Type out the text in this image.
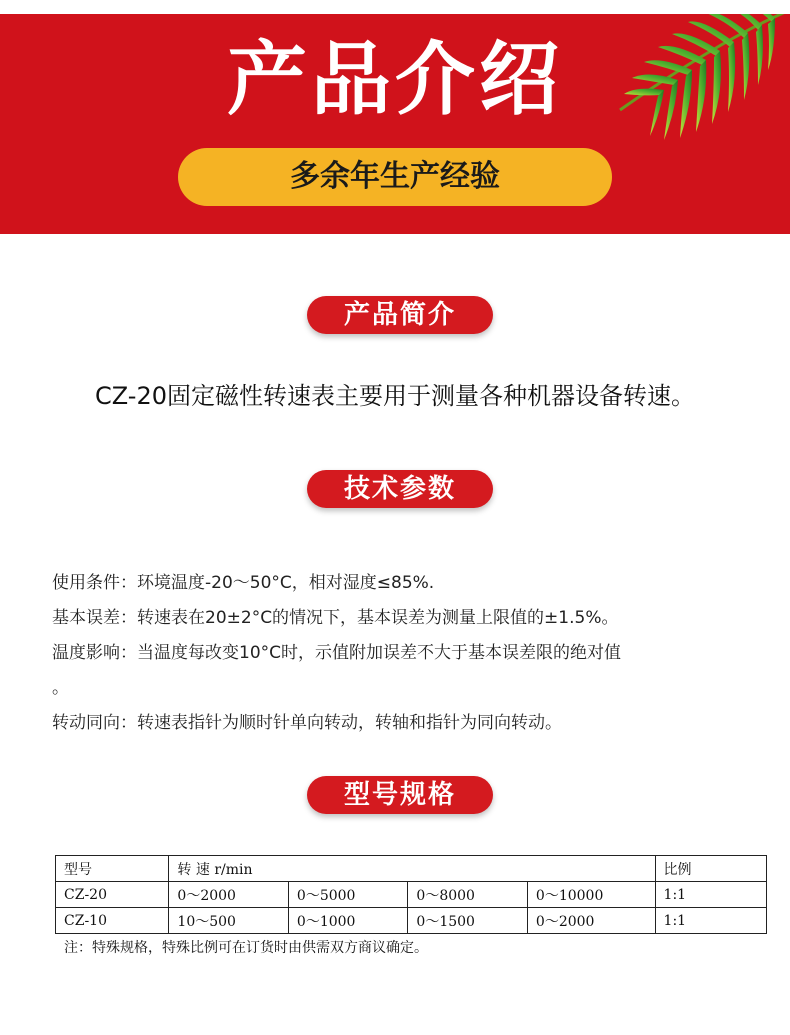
产品介绍
多余年生产经验
产品简介
CZ-20固定磁性转速表主要用于测量各种机器设备转速。
技术参数
使用条件：环境温度-20～50°C，相对湿度≤85%.
基本误差：转速表在20±2°C的情况下，基本误差为测量上限值的±1.5%。
温度影响：当温度每改变10°C时，示值附加误差不大于基本误差限的绝对值
。
转动同向：转速表指针为顺时针单向转动，转轴和指针为同向转动。
型号规格
型号	转 速 r/min				比例
CZ-20	0～2000	0～5000	0～8000	0～10000	1:1
CZ-10	10～500	0～1000	0～1500	0～2000	1:1
注：特殊规格，特殊比例可在订货时由供需双方商议确定。
